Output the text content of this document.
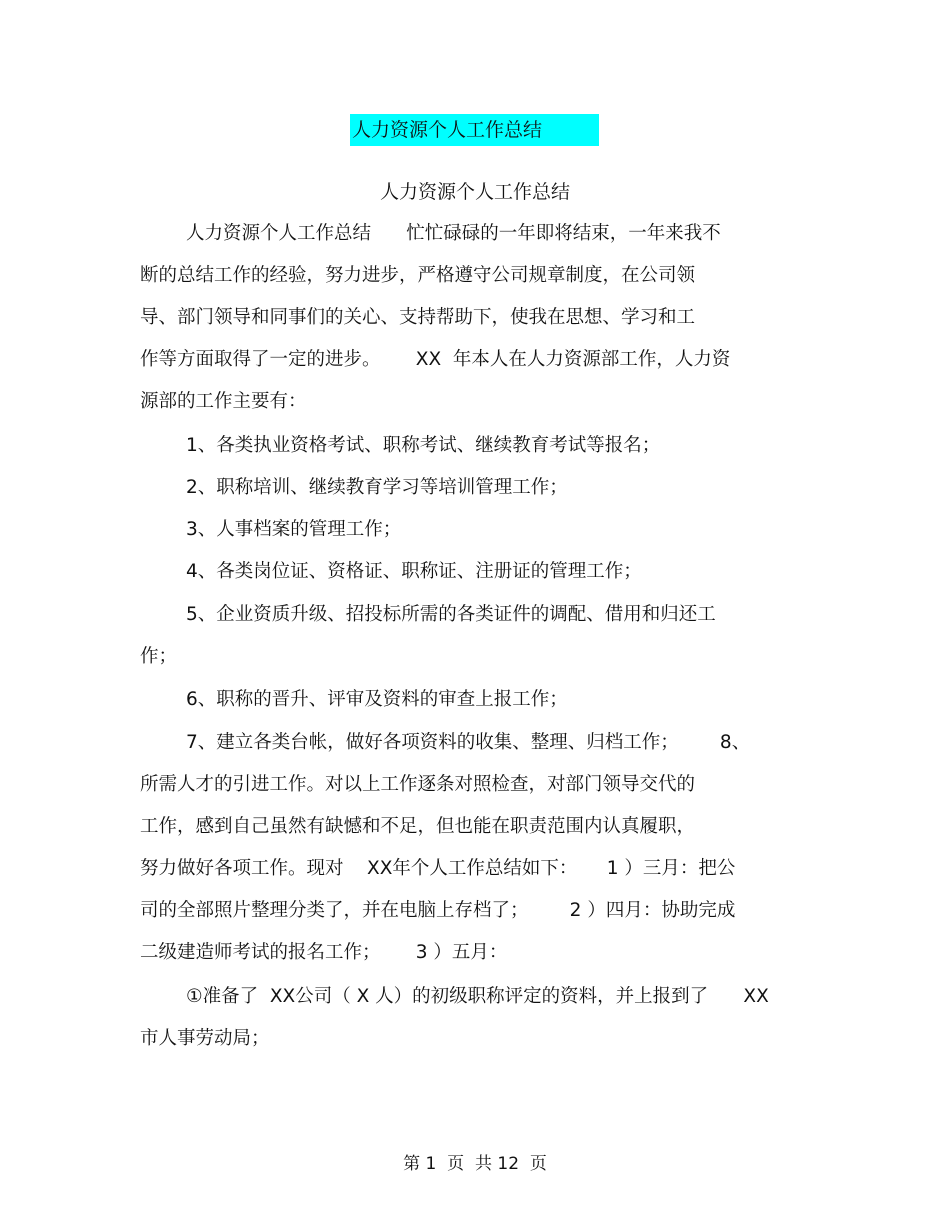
人力资源个人工作总结
人力资源个人工作总结
人力资源个人工作总结      忙忙碌碌的一年即将结束，一年来我不
断的总结工作的经验，努力进步，严格遵守公司规章制度，在公司领
导、部门领导和同事们的关心、支持帮助下，使我在思想、学习和工
作等方面取得了一定的进步。      XX  年本人在人力资源部工作，人力资
源部的工作主要有：
1、各类执业资格考试、职称考试、继续教育考试等报名；
2、职称培训、继续教育学习等培训管理工作；
3、人事档案的管理工作；
4、各类岗位证、资格证、职称证、注册证的管理工作；
5、企业资质升级、招投标所需的各类证件的调配、借用和归还工
作；
6、职称的晋升、评审及资料的审查上报工作；
7、建立各类台帐，做好各项资料的收集、整理、归档工作；       8、
所需人才的引进工作。对以上工作逐条对照检查，对部门领导交代的
工作，感到自己虽然有缺憾和不足，但也能在职责范围内认真履职，
努力做好各项工作。现对    XX年个人工作总结如下：     1 ）三月：把公
司的全部照片整理分类了，并在电脑上存档了；       2 ）四月：协助完成
二级建造师考试的报名工作；      3 ）五月：
①准备了  XX公司（ X 人）的初级职称评定的资料，并上报到了      XX
市人事劳动局；
第 1  页  共 12  页
